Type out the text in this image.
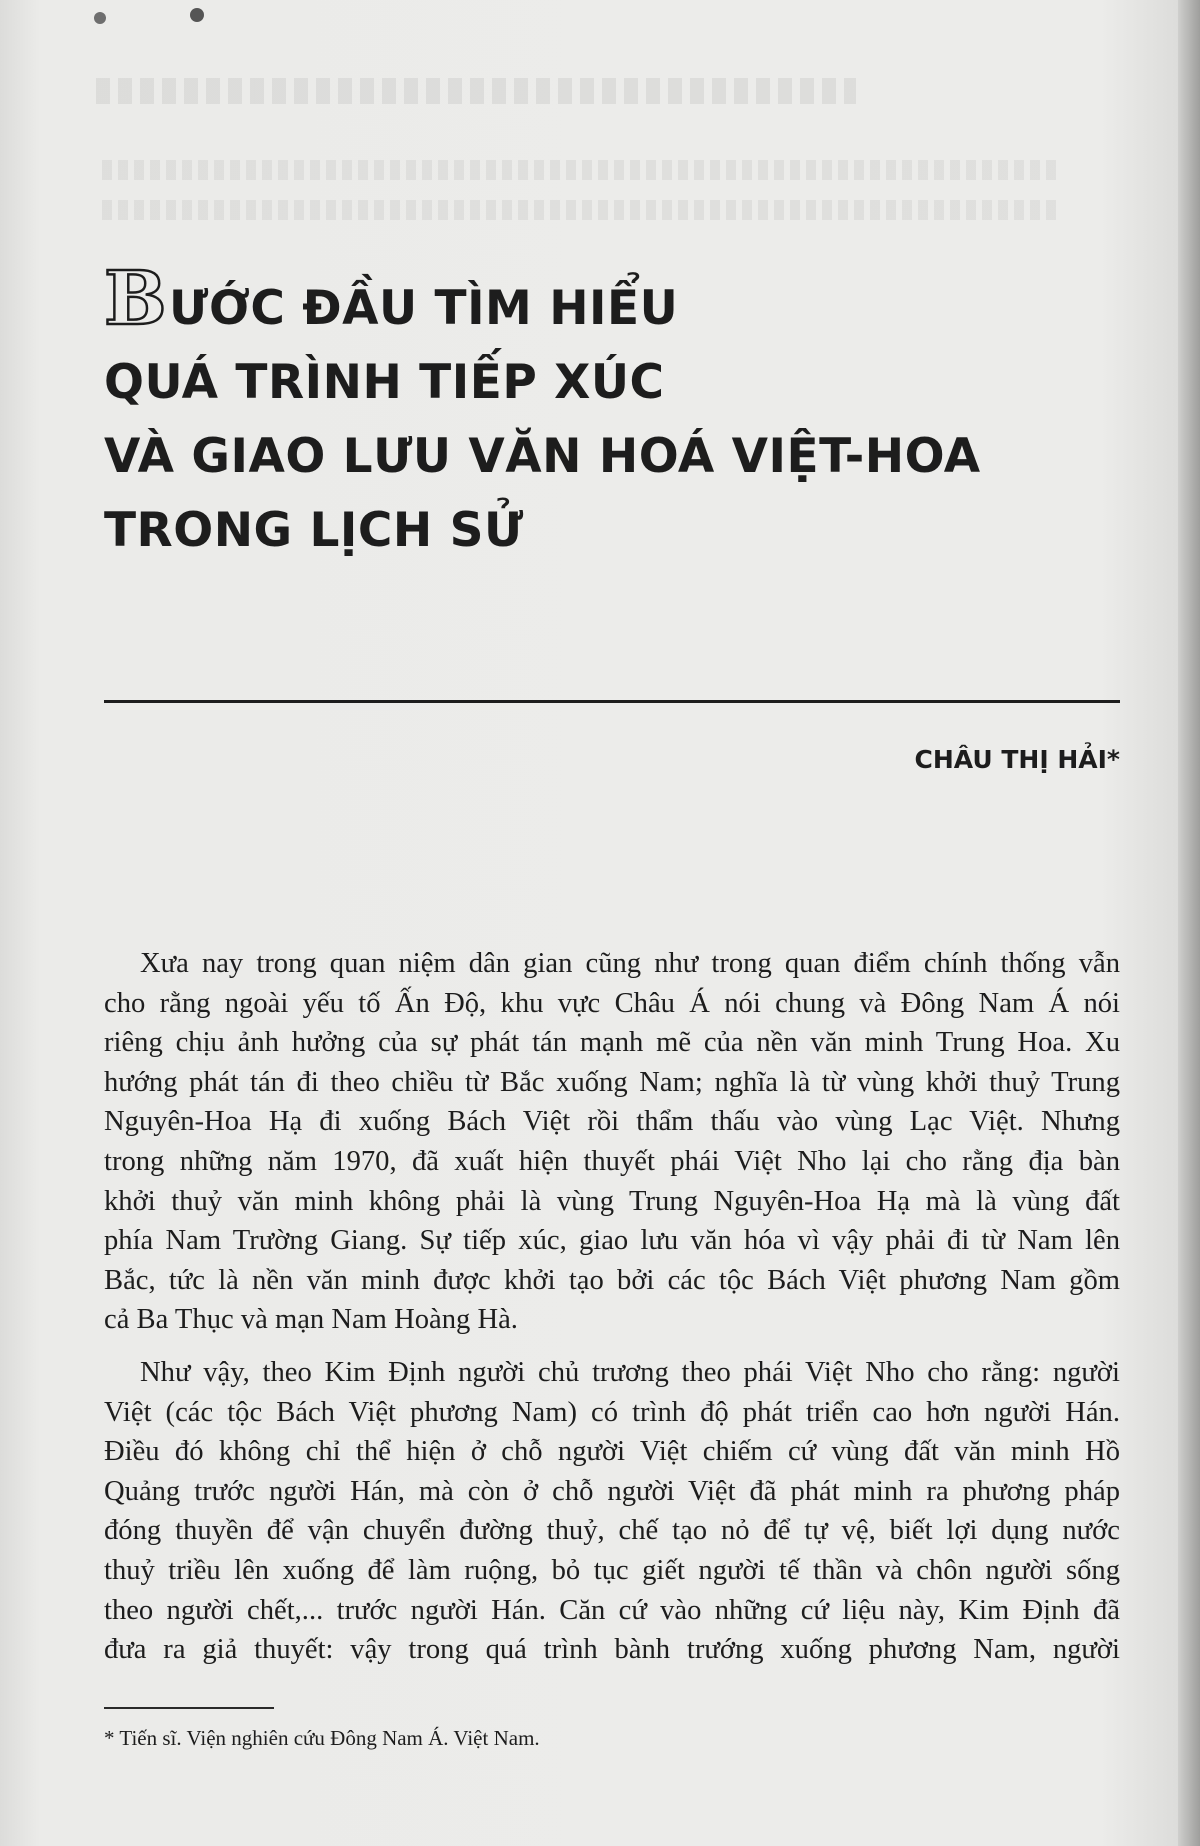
BƯỚC ĐẦU TÌM HIỂU
QUÁ TRÌNH TIẾP XÚC
VÀ GIAO LƯU VĂN HOÁ VIỆT-HOA
TRONG LỊCH SỬ
CHÂU THỊ HẢI*
Xưa nay trong quan niệm dân gian cũng như trong quan điểm chính thống vẫn
cho rằng ngoài yếu tố Ấn Độ, khu vực Châu Á nói chung và Đông Nam Á nói
riêng chịu ảnh hưởng của sự phát tán mạnh mẽ của nền văn minh Trung Hoa. Xu
hướng phát tán đi theo chiều từ Bắc xuống Nam; nghĩa là từ vùng khởi thuỷ Trung
Nguyên-Hoa Hạ đi xuống Bách Việt rồi thẩm thấu vào vùng Lạc Việt. Nhưng
trong những năm 1970, đã xuất hiện thuyết phái Việt Nho lại cho rằng địa bàn
khởi thuỷ văn minh không phải là vùng Trung Nguyên-Hoa Hạ mà là vùng đất
phía Nam Trường Giang. Sự tiếp xúc, giao lưu văn hóa vì vậy phải đi từ Nam lên
Bắc, tức là nền văn minh được khởi tạo bởi các tộc Bách Việt phương Nam gồm
cả Ba Thục và mạn Nam Hoàng Hà.
Như vậy, theo Kim Định người chủ trương theo phái Việt Nho cho rằng: người
Việt (các tộc Bách Việt phương Nam) có trình độ phát triển cao hơn người Hán.
Điều đó không chỉ thể hiện ở chỗ người Việt chiếm cứ vùng đất văn minh Hồ
Quảng trước người Hán, mà còn ở chỗ người Việt đã phát minh ra phương pháp
đóng thuyền để vận chuyển đường thuỷ, chế tạo nỏ để tự vệ, biết lợi dụng nước
thuỷ triều lên xuống để làm ruộng, bỏ tục giết người tế thần và chôn người sống
theo người chết,... trước người Hán. Căn cứ vào những cứ liệu này, Kim Định đã
đưa ra giả thuyết: vậy trong quá trình bành trướng xuống phương Nam, người
* Tiến sĩ. Viện nghiên cứu Đông Nam Á. Việt Nam.
